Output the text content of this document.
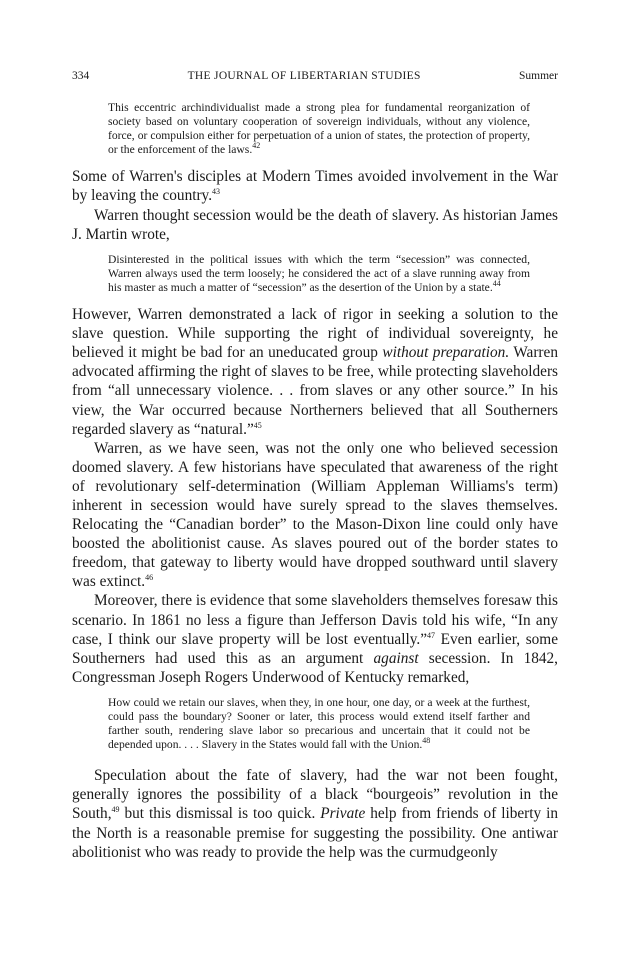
334	THE JOURNAL OF LIBERTARIAN STUDIES	Summer

This eccentric archindividualist made a strong plea for fundamental reorganization of society based on voluntary cooperation of sovereign individuals, without any violence, force, or compulsion either for perpetuation of a union of states, the protection of property, or the enforcement of the laws.$^{42}$

Some of Warren's disciples at Modern Times avoided involvement in the War by leaving the country.$^{43}$

Warren thought secession would be the death of slavery. As historian James J. Martin wrote,

Disinterested in the political issues with which the term “secession” was connected, Warren always used the term loosely; he considered the act of a slave running away from his master as much a matter of “secession” as the desertion of the Union by a state.$^{44}$

However, Warren demonstrated a lack of rigor in seeking a solution to the slave question. While supporting the right of individual sovereignty, he believed it might be bad for an uneducated group without preparation. Warren advocated affirming the right of slaves to be free, while protecting slaveholders from “all unnecessary violence. . . from slaves or any other source.” In his view, the War occurred because Northerners believed that all Southerners regarded slavery as “natural.”$^{45}$

Warren, as we have seen, was not the only one who believed secession doomed slavery. A few historians have speculated that awareness of the right of revolutionary self-determination (William Appleman Williams's term) inherent in secession would have surely spread to the slaves themselves. Relocating the “Canadian border” to the Mason-Dixon line could only have boosted the abolitionist cause. As slaves poured out of the border states to freedom, that gateway to liberty would have dropped southward until slavery was extinct.$^{46}$

Moreover, there is evidence that some slaveholders themselves foresaw this scenario. In 1861 no less a figure than Jefferson Davis told his wife, “In any case, I think our slave property will be lost eventually.”$^{47}$ Even earlier, some Southerners had used this as an argument against secession. In 1842, Congressman Joseph Rogers Underwood of Kentucky remarked,

How could we retain our slaves, when they, in one hour, one day, or a week at the furthest, could pass the boundary? Sooner or later, this process would extend itself farther and farther south, rendering slave labor so precarious and uncertain that it could not be depended upon. . . . Slavery in the States would fall with the Union.$^{48}$

Speculation about the fate of slavery, had the war not been fought, generally ignores the possibility of a black “bourgeois” revolution in the South,$^{49}$ but this dismissal is too quick. Private help from friends of liberty in the North is a reasonable premise for suggesting the possibility. One antiwar abolitionist who was ready to provide the help was the curmudgeonly
